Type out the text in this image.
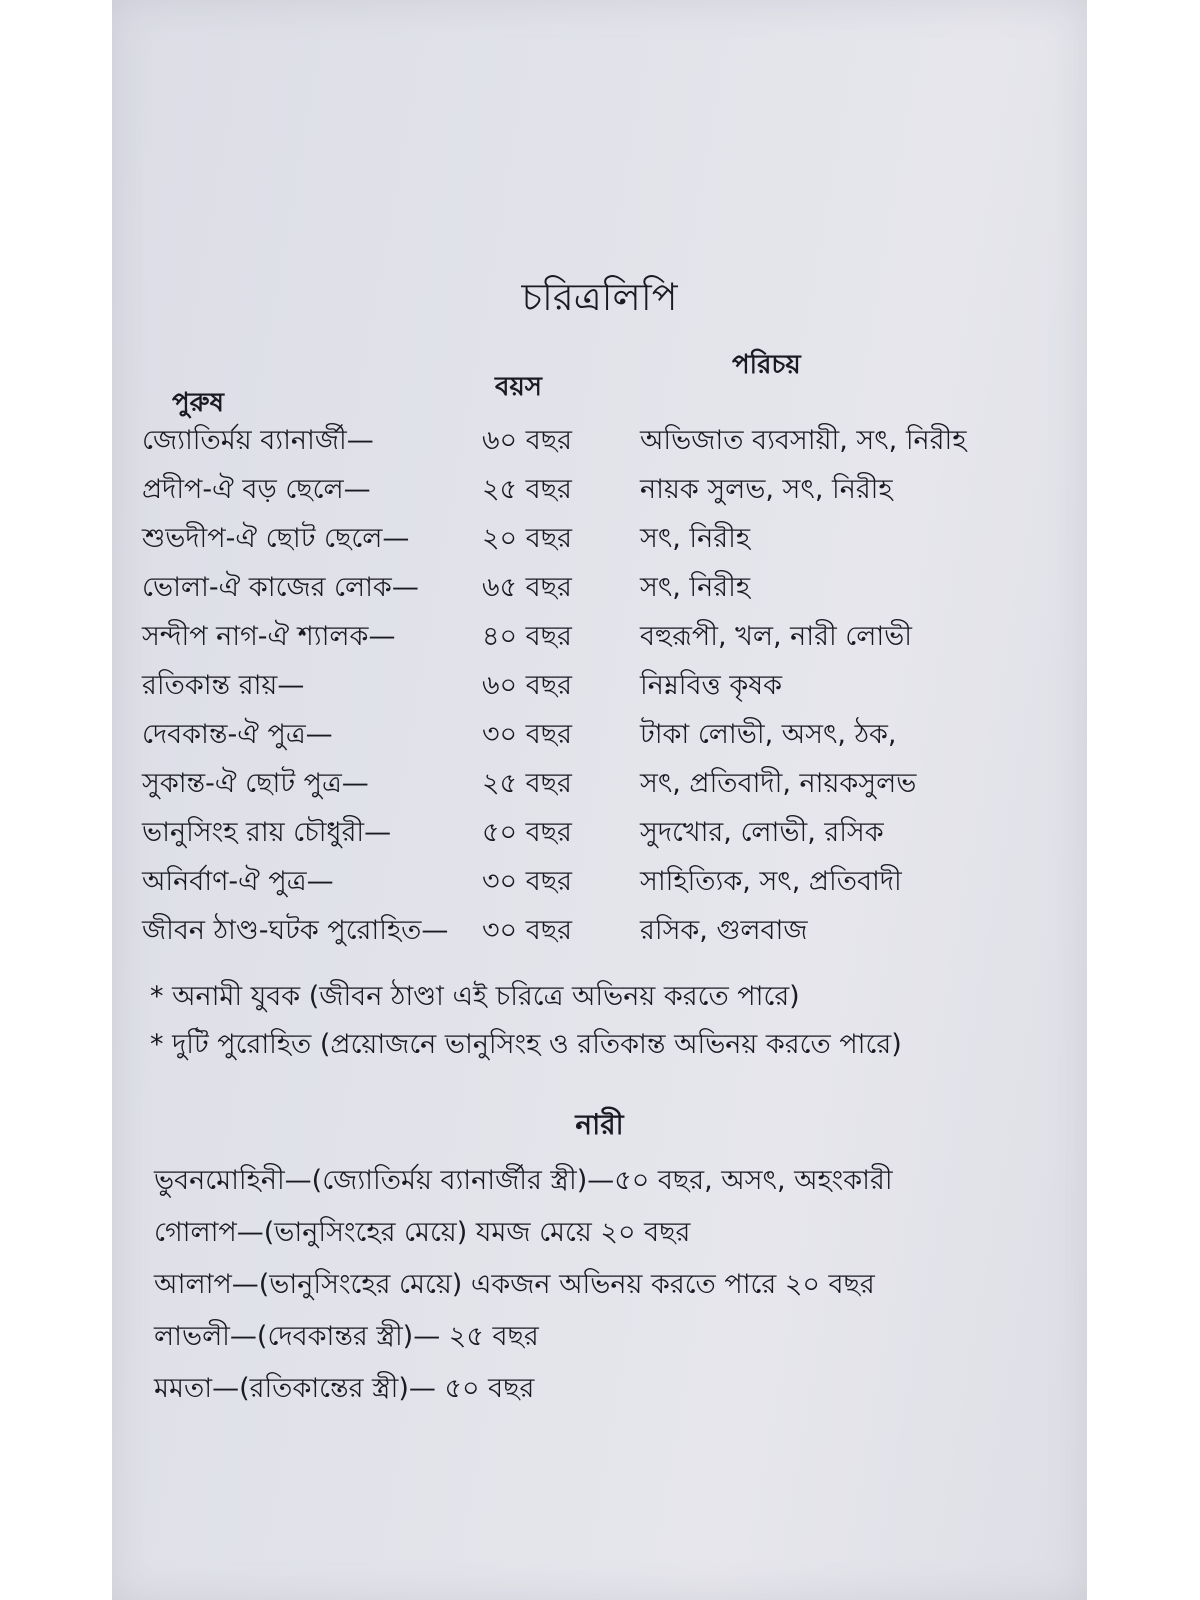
চরিত্রলিপি
পুরুষ
বয়স
পরিচয়
জ্যোতির্ময় ব্যানার্জী—	৬০ বছর	অভিজাত ব্যবসায়ী, সৎ, নিরীহ
প্রদীপ-ঐ বড় ছেলে—	২৫ বছর	নায়ক সুলভ, সৎ, নিরীহ
শুভদীপ-ঐ ছোট ছেলে—	২০ বছর	সৎ, নিরীহ
ভোলা-ঐ কাজের লোক— ৬৫ বছর	সৎ, নিরীহ
সন্দীপ নাগ-ঐ শ্যালক—	৪০ বছর	বহুরূপী, খল, নারী লোভী
রতিকান্ত রায়—	৬০ বছর	নিম্নবিত্ত কৃষক
দেবকান্ত-ঐ পুত্র—	৩০ বছর	টাকা লোভী, অসৎ, ঠক,
সুকান্ত-ঐ ছোট পুত্র—	২৫ বছর	সৎ, প্রতিবাদী, নায়কসুলভ
ভানুসিংহ রায় চৌধুরী—	৫০ বছর	সুদখোর, লোভী, রসিক
অনির্বাণ-ঐ পুত্র—	৩০ বছর	সাহিত্যিক, সৎ, প্রতিবাদী
জীবন ঠাণ্ড-ঘটক পুরোহিত— ৩০ বছর	রসিক, গুলবাজ
* অনামী যুবক (জীবন ঠাণ্ডা এই চরিত্রে অভিনয় করতে পারে)
* দুটি পুরোহিত (প্রয়োজনে ভানুসিংহ ও রতিকান্ত অভিনয় করতে পারে)
নারী
ভুবনমোহিনী—(জ্যোতির্ময় ব্যানার্জীর স্ত্রী)—৫০ বছর, অসৎ, অহংকারী
গোলাপ—(ভানুসিংহের মেয়ে) যমজ মেয়ে ২০ বছর
আলাপ—(ভানুসিংহের মেয়ে) একজন অভিনয় করতে পারে ২০ বছর
লাভলী—(দেবকান্তর স্ত্রী)— ২৫ বছর
মমতা—(রতিকান্তের স্ত্রী)— ৫০ বছর
